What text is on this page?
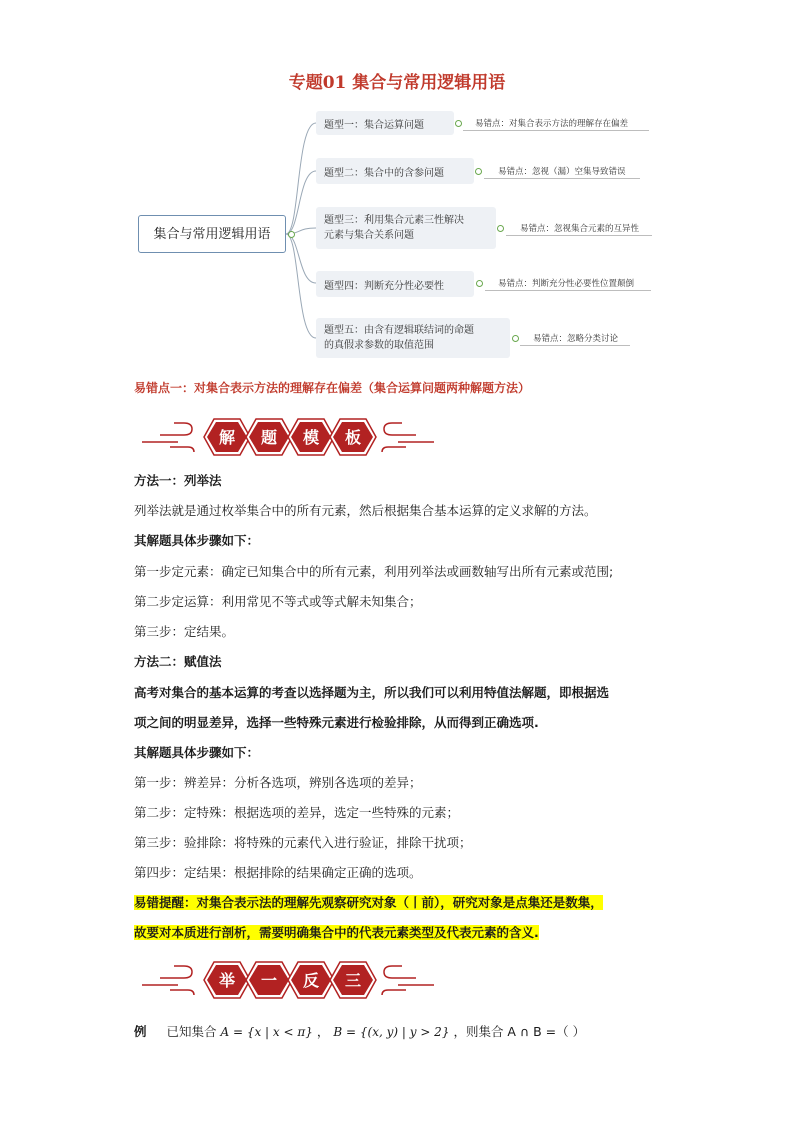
专题01 集合与常用逻辑用语
集合与常用逻辑用语
题型一：集合运算问题	易错点：对集合表示方法的理解存在偏差
题型二：集合中的含参问题	易错点：忽视（漏）空集导致错误
题型三：利用集合元素三性解决
元素与集合关系问题
易错点：忽视集合元素的互异性
题型四：判断充分性必要性	易错点：判断充分性必要性位置颠倒
题型五：由含有逻辑联结词的命题
的真假求参数的取值范围
易错点：忽略分类讨论
易错点一：对集合表示方法的理解存在偏差（集合运算问题两种解题方法）
解 题 模 板
方法一：列举法
列举法就是通过枚举集合中的所有元素，然后根据集合基本运算的定义求解的方法。
其解题具体步骤如下：
第一步定元素：确定已知集合中的所有元素，利用列举法或画数轴写出所有元素或范围;
第二步定运算：利用常见不等式或等式解未知集合；
第三步：定结果。
方法二：赋值法
高考对集合的基本运算的考查以选择题为主，所以我们可以利用特值法解题，即根据选
项之间的明显差异，选择一些特殊元素进行检验排除，从而得到正确选项.
其解题具体步骤如下：
第一步：辨差异：分析各选项，辨别各选项的差异；
第二步：定特殊：根据选项的差异，选定一些特殊的元素；
第三步：验排除：将特殊的元素代入进行验证，排除干扰项；
第四步：定结果：根据排除的结果确定正确的选项。
易错提醒：对集合表示法的理解先观察研究对象（丨前），研究对象是点集还是数集，
故要对本质进行剖析，需要明确集合中的代表元素类型及代表元素的含义.
举 一 反 三
例 已知集合 A = {x | x < π} ， B = {(x, y) | y > 2} ，则集合 A ∩ B =（ ）
